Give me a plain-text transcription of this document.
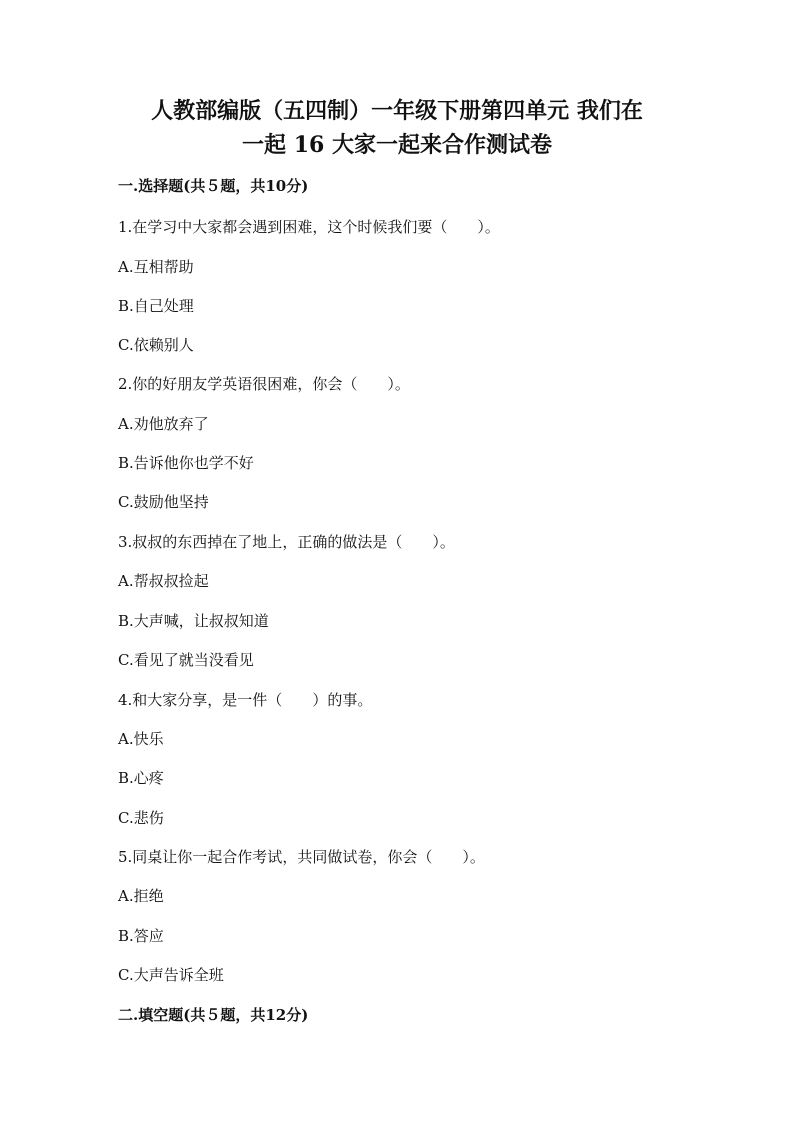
人教部编版（五四制）一年级下册第四单元 我们在
一起 16 大家一起来合作测试卷
一.选择题(共５题，共10分)
1.在学习中大家都会遇到困难，这个时候我们要（　　）。
A.互相帮助
B.自己处理
C.依赖别人
2.你的好朋友学英语很困难，你会（　　）。
A.劝他放弃了
B.告诉他你也学不好
C.鼓励他坚持
3.叔叔的东西掉在了地上，正确的做法是（　　）。
A.帮叔叔捡起
B.大声喊，让叔叔知道
C.看见了就当没看见
4.和大家分享，是一件（　　）的事。
A.快乐
B.心疼
C.悲伤
5.同桌让你一起合作考试，共同做试卷，你会（　　）。
A.拒绝
B.答应
C.大声告诉全班
二.填空题(共５题，共12分)
